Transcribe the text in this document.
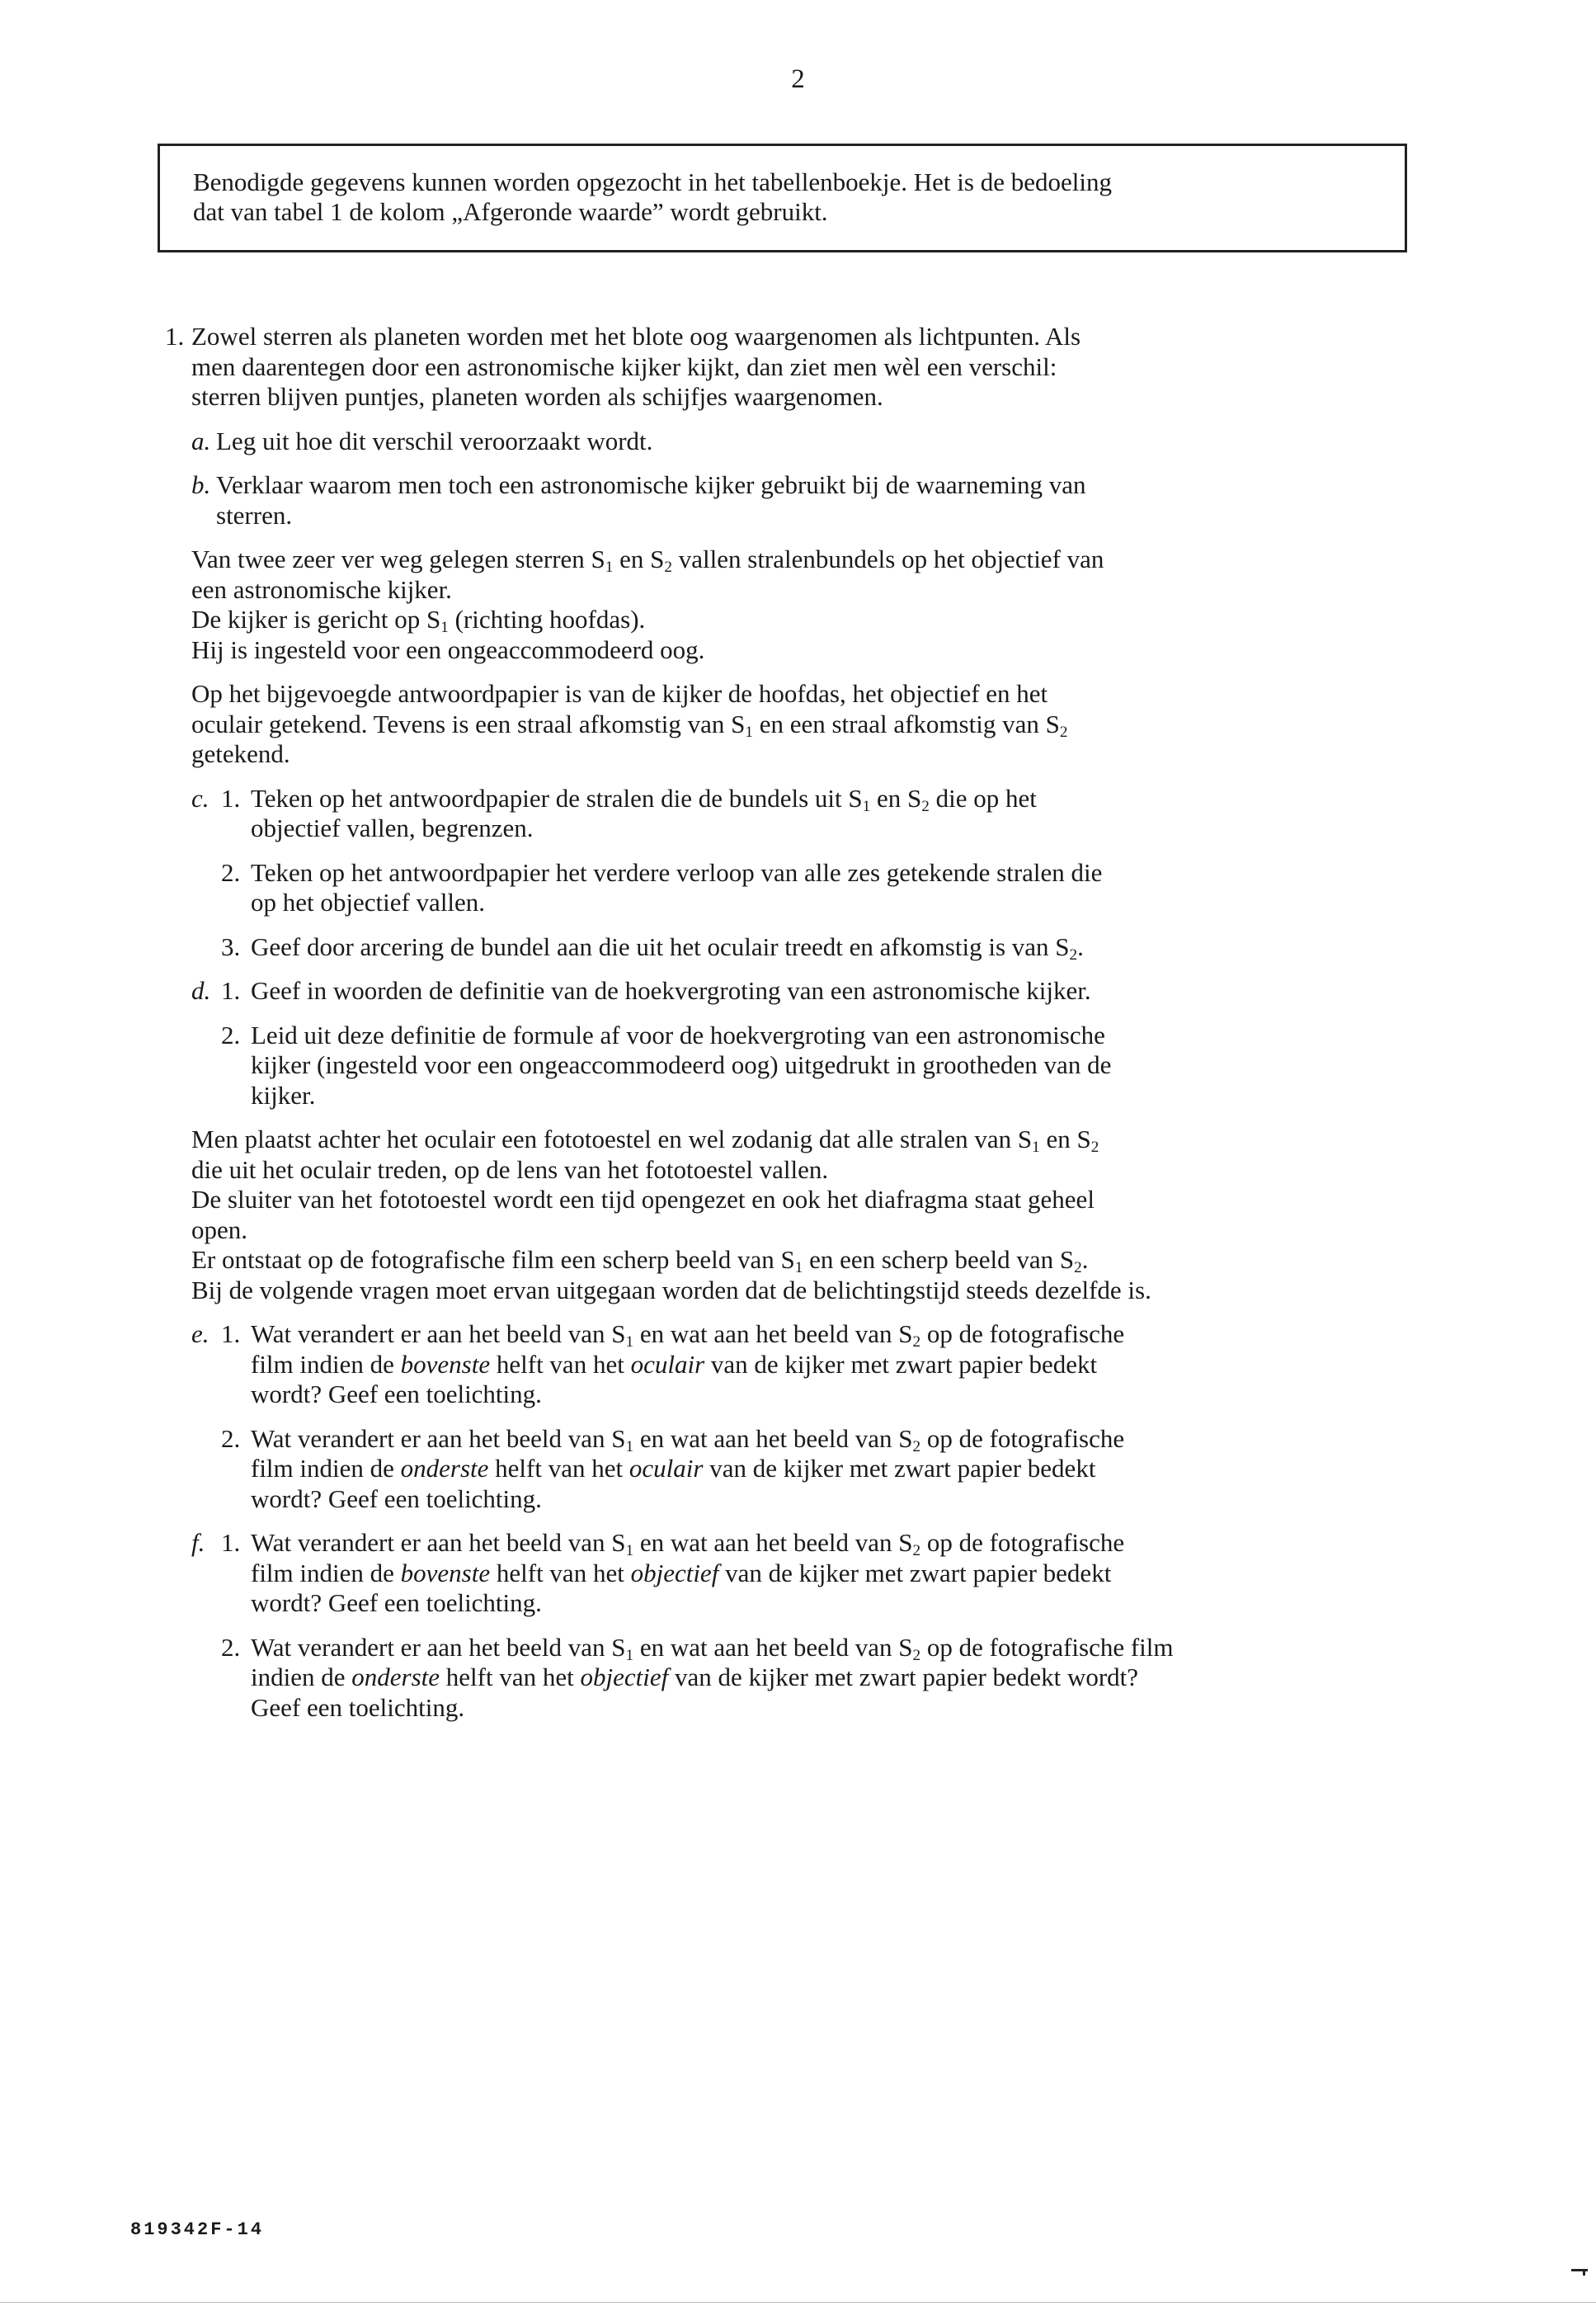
2

Benodigde gegevens kunnen worden opgezocht in het tabellenboekje. Het is de bedoeling

dat van tabel 1 de kolom „Afgeronde waarde” wordt gebruikt.

1. Zowel sterren als planeten worden met het blote oog waargenomen als lichtpunten. Als

men daarentegen door een astronomische kijker kijkt, dan ziet men wèl een verschil:

sterren blijven puntjes, planeten worden als schijfjes waargenomen.

a. Leg uit hoe dit verschil veroorzaakt wordt.

b. Verklaar waarom men toch een astronomische kijker gebruikt bij de waarneming van

sterren.

Van twee zeer ver weg gelegen sterren $S_1$ en $S_2$ vallen stralenbundels op het objectief van

een astronomische kijker.

De kijker is gericht op $S_1$ (richting hoofdas).

Hij is ingesteld voor een ongeaccommodeerd oog.

Op het bijgevoegde antwoordpapier is van de kijker de hoofdas, het objectief en het

oculair getekend. Tevens is een straal afkomstig van $S_1$ en een straal afkomstig van $S_2$

getekend.

c. 1. Teken op het antwoordpapier de stralen die de bundels uit $S_1$ en $S_2$ die op het

objectief vallen, begrenzen.

2. Teken op het antwoordpapier het verdere verloop van alle zes getekende stralen die

op het objectief vallen.

3. Geef door arcering de bundel aan die uit het oculair treedt en afkomstig is van $S_2$.

d. 1. Geef in woorden de definitie van de hoekvergroting van een astronomische kijker.

2. Leid uit deze definitie de formule af voor de hoekvergroting van een astronomische

kijker (ingesteld voor een ongeaccommodeerd oog) uitgedrukt in grootheden van de

kijker.

Men plaatst achter het oculair een fototoestel en wel zodanig dat alle stralen van $S_1$ en $S_2$

die uit het oculair treden, op de lens van het fototoestel vallen.

De sluiter van het fototoestel wordt een tijd opengezet en ook het diafragma staat geheel

open.

Er ontstaat op de fotografische film een scherp beeld van $S_1$ en een scherp beeld van $S_2$.

Bij de volgende vragen moet ervan uitgegaan worden dat de belichtingstijd steeds dezelfde is.

e. 1. Wat verandert er aan het beeld van $S_1$ en wat aan het beeld van $S_2$ op de fotografische

film indien de bovenste helft van het oculair van de kijker met zwart papier bedekt

wordt? Geef een toelichting.

2. Wat verandert er aan het beeld van $S_1$ en wat aan het beeld van $S_2$ op de fotografische

film indien de onderste helft van het oculair van de kijker met zwart papier bedekt

wordt? Geef een toelichting.

f. 1. Wat verandert er aan het beeld van $S_1$ en wat aan het beeld van $S_2$ op de fotografische

film indien de bovenste helft van het objectief van de kijker met zwart papier bedekt

wordt? Geef een toelichting.

2. Wat verandert er aan het beeld van $S_1$ en wat aan het beeld van $S_2$ op de fotografische film

indien de onderste helft van het objectief van de kijker met zwart papier bedekt wordt?

Geef een toelichting.

819342F-14
